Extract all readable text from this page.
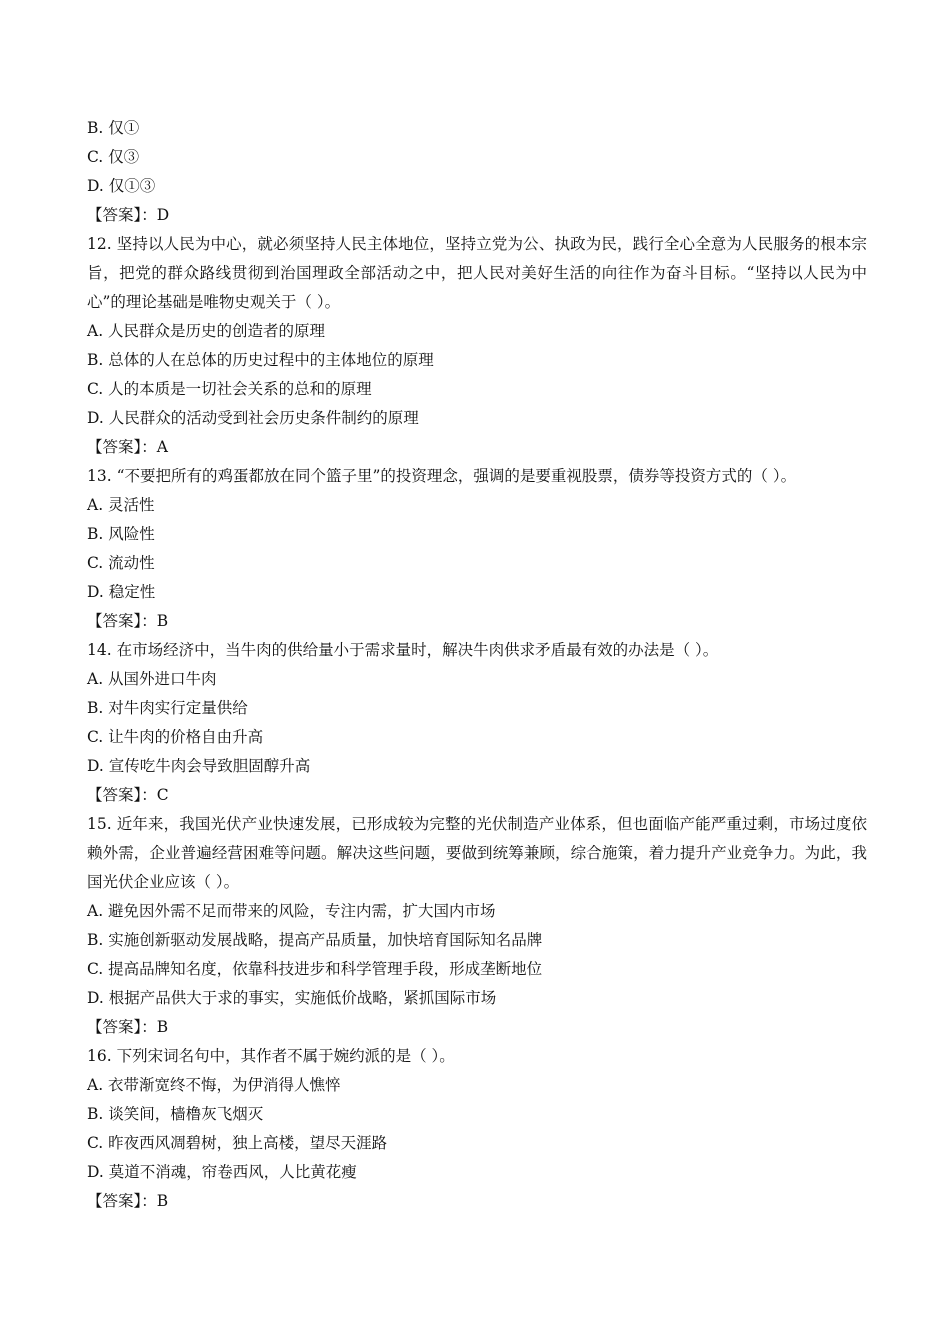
B. 仅①
C. 仅③
D. 仅①③
【答案】：D
12. 坚持以人民为中心，就必须坚持人民主体地位，坚持立党为公、执政为民，践行全心全意为人民服务的根本宗旨，把党的群众路线贯彻到治国理政全部活动之中，把人民对美好生活的向往作为奋斗目标。“坚持以人民为中心”的理论基础是唯物史观关于（ ）。
A. 人民群众是历史的创造者的原理
B. 总体的人在总体的历史过程中的主体地位的原理
C. 人的本质是一切社会关系的总和的原理
D. 人民群众的活动受到社会历史条件制约的原理
【答案】：A
13. “不要把所有的鸡蛋都放在同个篮子里”的投资理念，强调的是要重视股票，债券等投资方式的（ ）。
A. 灵活性
B. 风险性
C. 流动性
D. 稳定性
【答案】：B
14. 在市场经济中，当牛肉的供给量小于需求量时，解决牛肉供求矛盾最有效的办法是（ ）。
A. 从国外进口牛肉
B. 对牛肉实行定量供给
C. 让牛肉的价格自由升高
D. 宣传吃牛肉会导致胆固醇升高
【答案】：C
15. 近年来，我国光伏产业快速发展，已形成较为完整的光伏制造产业体系，但也面临产能严重过剩，市场过度依赖外需，企业普遍经营困难等问题。解决这些问题，要做到统筹兼顾，综合施策，着力提升产业竞争力。为此，我国光伏企业应该（ ）。
A. 避免因外需不足而带来的风险，专注内需，扩大国内市场
B. 实施创新驱动发展战略，提高产品质量，加快培育国际知名品牌
C. 提高品牌知名度，依靠科技进步和科学管理手段，形成垄断地位
D. 根据产品供大于求的事实，实施低价战略，紧抓国际市场
【答案】：B
16. 下列宋词名句中，其作者不属于婉约派的是（ ）。
A. 衣带渐宽终不悔，为伊消得人憔悴
B. 谈笑间，樯橹灰飞烟灭
C. 昨夜西风凋碧树，独上高楼，望尽天涯路
D. 莫道不消魂，帘卷西风，人比黄花瘦
【答案】：B
